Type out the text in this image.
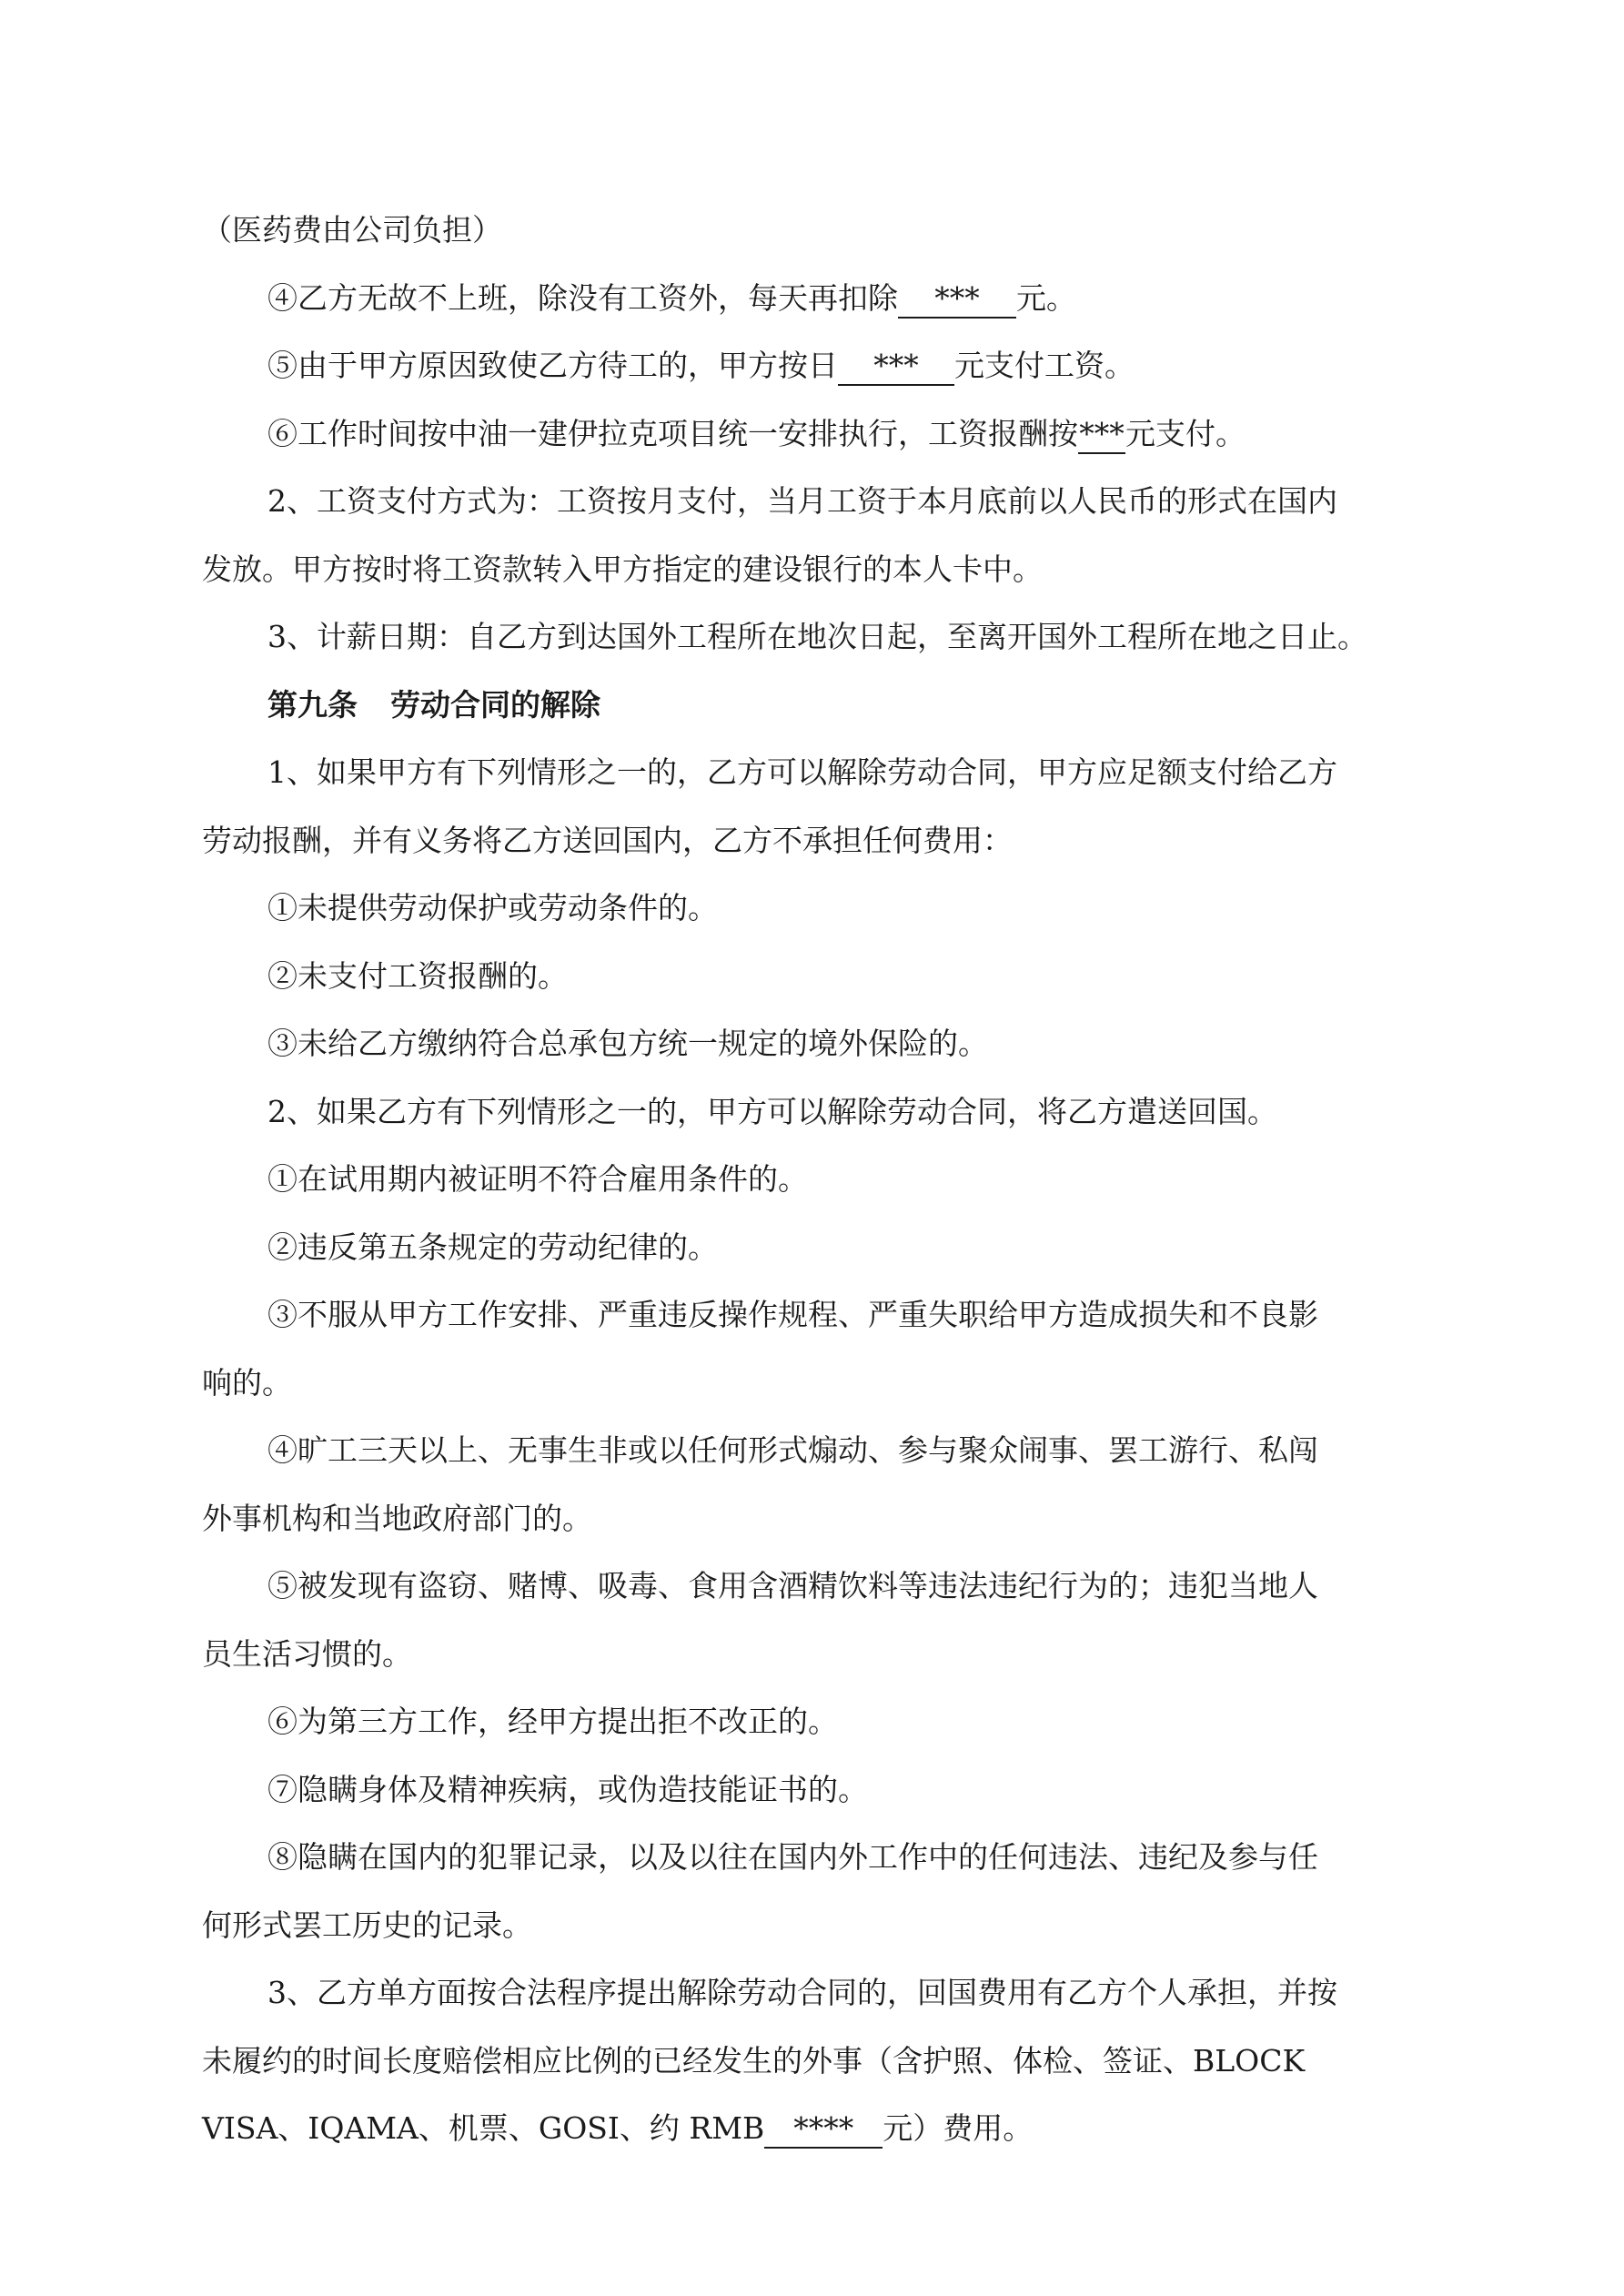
（医药费由公司负担）
④乙方无故不上班，除没有工资外，每天再扣除 *** 元。
⑤由于甲方原因致使乙方待工的，甲方按日 *** 元支付工资。
⑥工作时间按中油一建伊拉克项目统一安排执行，工资报酬按***元支付。
2、工资支付方式为：工资按月支付，当月工资于本月底前以人民币的形式在国内
发放。甲方按时将工资款转入甲方指定的建设银行的本人卡中。
3、计薪日期：自乙方到达国外工程所在地次日起，至离开国外工程所在地之日止。
第九条 劳动合同的解除
1、如果甲方有下列情形之一的，乙方可以解除劳动合同，甲方应足额支付给乙方
劳动报酬，并有义务将乙方送回国内，乙方不承担任何费用：
①未提供劳动保护或劳动条件的。
②未支付工资报酬的。
③未给乙方缴纳符合总承包方统一规定的境外保险的。
2、如果乙方有下列情形之一的，甲方可以解除劳动合同，将乙方遣送回国。
①在试用期内被证明不符合雇用条件的。
②违反第五条规定的劳动纪律的。
③不服从甲方工作安排、严重违反操作规程、严重失职给甲方造成损失和不良影
响的。
④旷工三天以上、无事生非或以任何形式煽动、参与聚众闹事、罢工游行、私闯
外事机构和当地政府部门的。
⑤被发现有盗窃、赌博、吸毒、食用含酒精饮料等违法违纪行为的；违犯当地人
员生活习惯的。
⑥为第三方工作，经甲方提出拒不改正的。
⑦隐瞒身体及精神疾病，或伪造技能证书的。
⑧隐瞒在国内的犯罪记录，以及以往在国内外工作中的任何违法、违纪及参与任
何形式罢工历史的记录。
3、乙方单方面按合法程序提出解除劳动合同的，回国费用有乙方个人承担，并按
未履约的时间长度赔偿相应比例的已经发生的外事（含护照、体检、签证、BLOCK
VISA、IQAMA、机票、GOSI、约 RMB **** 元）费用。
